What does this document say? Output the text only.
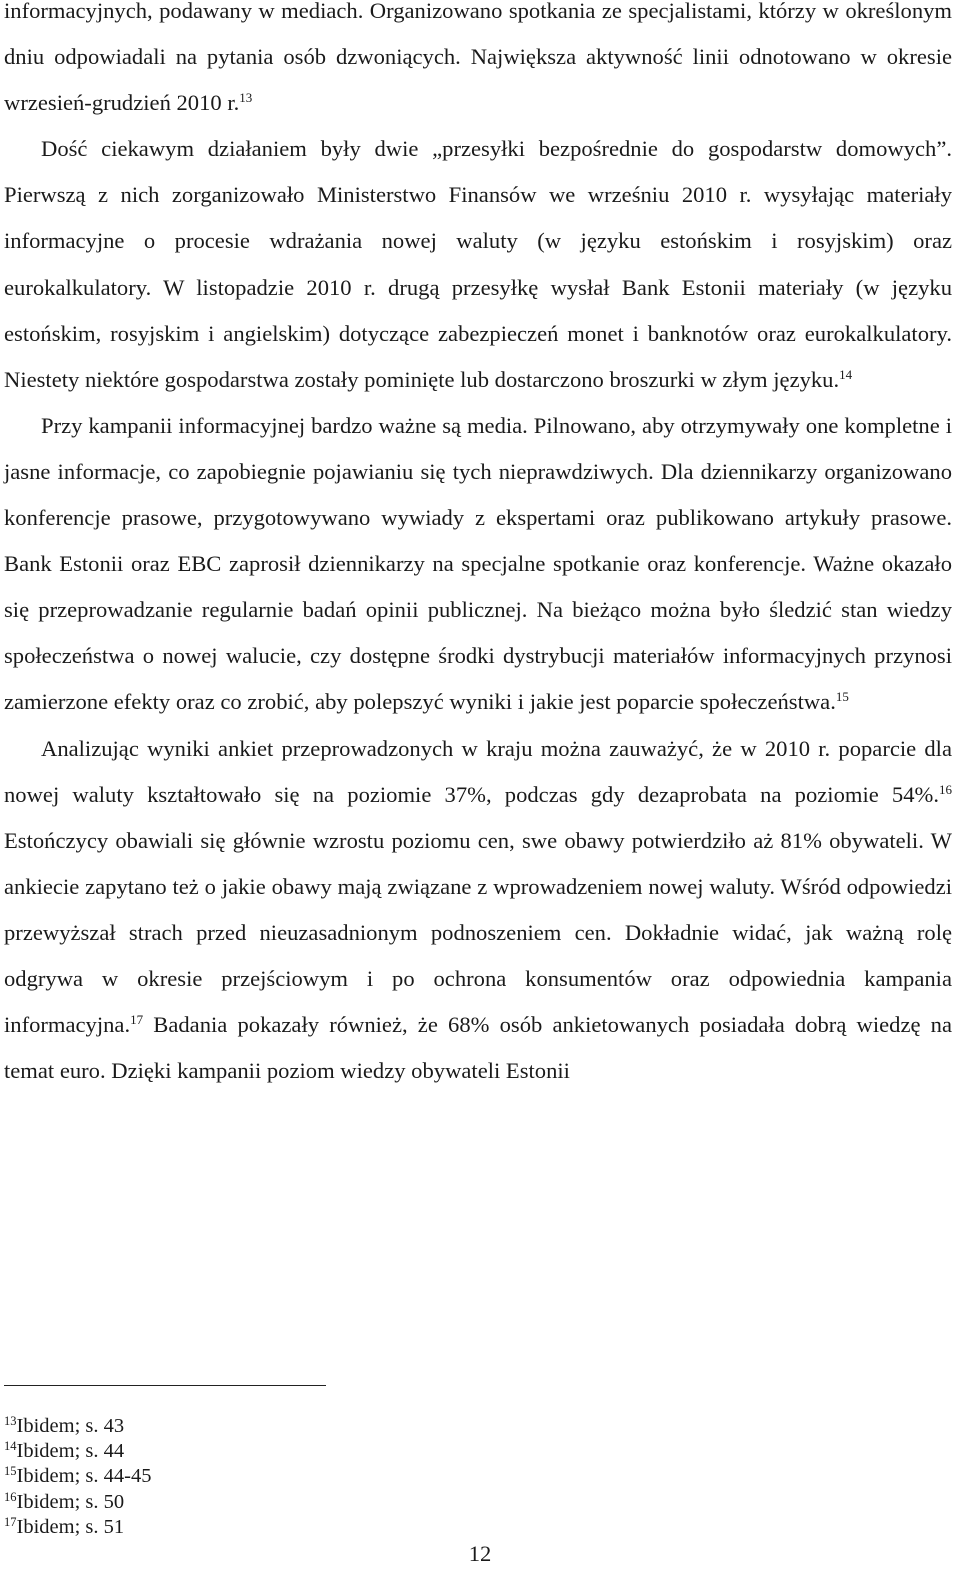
informacyjnych, podawany w mediach. Organizowano spotkania ze specjalistami, którzy w określonym dniu odpowiadali na pytania osób dzwoniących. Największa aktywność linii odnotowano w okresie wrzesień-grudzień 2010 r.$^{13}$

Dość ciekawym działaniem były dwie „przesyłki bezpośrednie do gospodarstw domowych”. Pierwszą z nich zorganizowało Ministerstwo Finansów we wrześniu 2010 r. wysyłając materiały informacyjne o procesie wdrażania nowej waluty (w języku estońskim i rosyjskim) oraz eurokalkulatory. W listopadzie 2010 r. drugą przesyłkę wysłał Bank Estonii materiały (w języku estońskim, rosyjskim i angielskim) dotyczące zabezpieczeń monet i banknotów oraz eurokalkulatory. Niestety niektóre gospodarstwa zostały pominięte lub dostarczono broszurki w złym języku.$^{14}$

Przy kampanii informacyjnej bardzo ważne są media. Pilnowano, aby otrzymywały one kompletne i jasne informacje, co zapobiegnie pojawianiu się tych nieprawdziwych. Dla dziennikarzy organizowano konferencje prasowe, przygotowywano wywiady z ekspertami oraz publikowano artykuły prasowe. Bank Estonii oraz EBC zaprosił dziennikarzy na specjalne spotkanie oraz konferencje. Ważne okazało się przeprowadzanie regularnie badań opinii publicznej. Na bieżąco można było śledzić stan wiedzy społeczeństwa o nowej walucie, czy dostępne środki dystrybucji materiałów informacyjnych przynosi zamierzone efekty oraz co zrobić, aby polepszyć wyniki i jakie jest poparcie społeczeństwa.$^{15}$

Analizując wyniki ankiet przeprowadzonych w kraju można zauważyć, że w 2010 r. poparcie dla nowej waluty kształtowało się na poziomie 37%, podczas gdy dezaprobata na poziomie 54%.$^{16}$ Estończycy obawiali się głównie wzrostu poziomu cen, swe obawy potwierdziło aż 81% obywateli. W ankiecie zapytano też o jakie obawy mają związane z wprowadzeniem nowej waluty. Wśród odpowiedzi przewyższał strach przed nieuzasadnionym podnoszeniem cen. Dokładnie widać, jak ważną rolę odgrywa w okresie przejściowym i po ochrona konsumentów oraz odpowiednia kampania informacyjna.$^{17}$ Badania pokazały również, że 68% osób ankietowanych posiadała dobrą wiedzę na temat euro. Dzięki kampanii poziom wiedzy obywateli Estonii

$^{13}$Ibidem; s. 43
$^{14}$Ibidem; s. 44
$^{15}$Ibidem; s. 44-45
$^{16}$Ibidem; s. 50
$^{17}$Ibidem; s. 51
12
